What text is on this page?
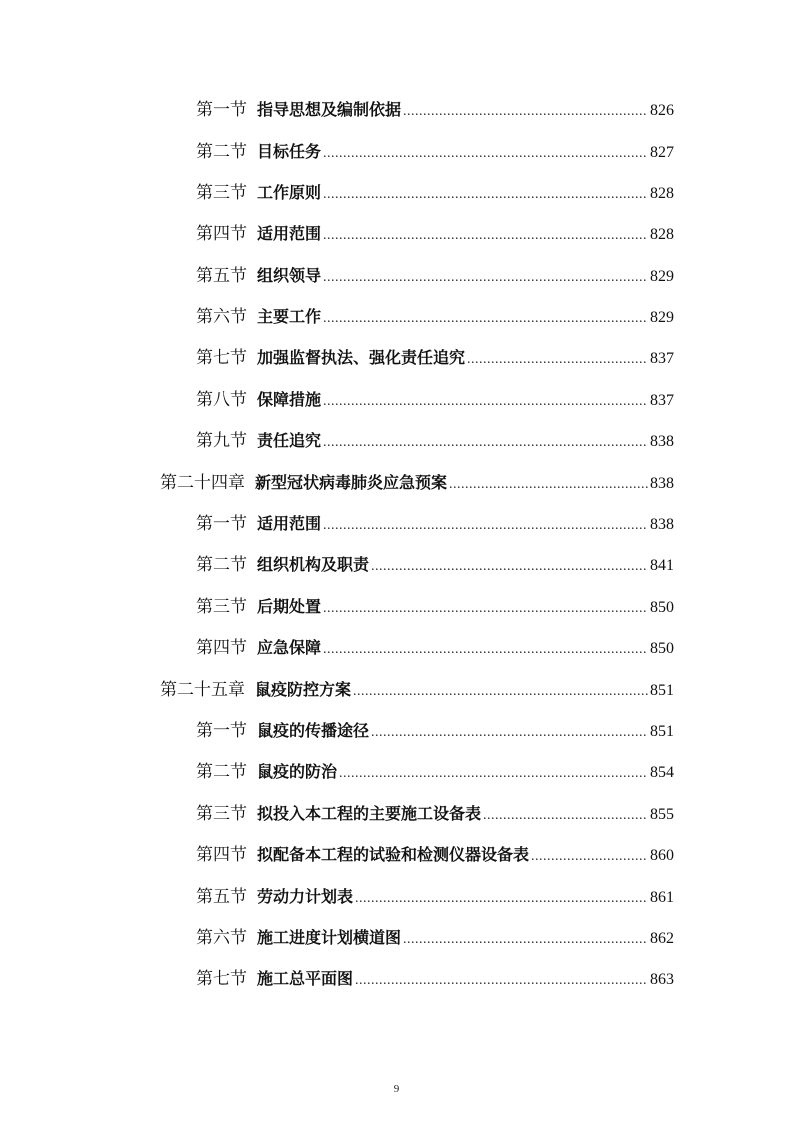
第一节 指导思想及编制依据 .....	826
第二节 目标任务 .....	827
第三节 工作原则 .....	828
第四节 适用范围 .....	828
第五节 组织领导 .....	829
第六节 主要工作 .....	829
第七节 加强监督执法、强化责任追究 .....	837
第八节 保障措施 .....	837
第九节 责任追究 .....	838
第二十四章 新型冠状病毒肺炎应急预案 .....	838
第一节 适用范围 .....	838
第二节 组织机构及职责 .....	841
第三节 后期处置 .....	850
第四节 应急保障 .....	850
第二十五章 鼠疫防控方案 .....	851
第一节 鼠疫的传播途径 .....	851
第二节 鼠疫的防治 .....	854
第三节 拟投入本工程的主要施工设备表 .....	855
第四节 拟配备本工程的试验和检测仪器设备表 .....	860
第五节 劳动力计划表 .....	861
第六节 施工进度计划横道图 .....	862
第七节 施工总平面图 .....	863
9
